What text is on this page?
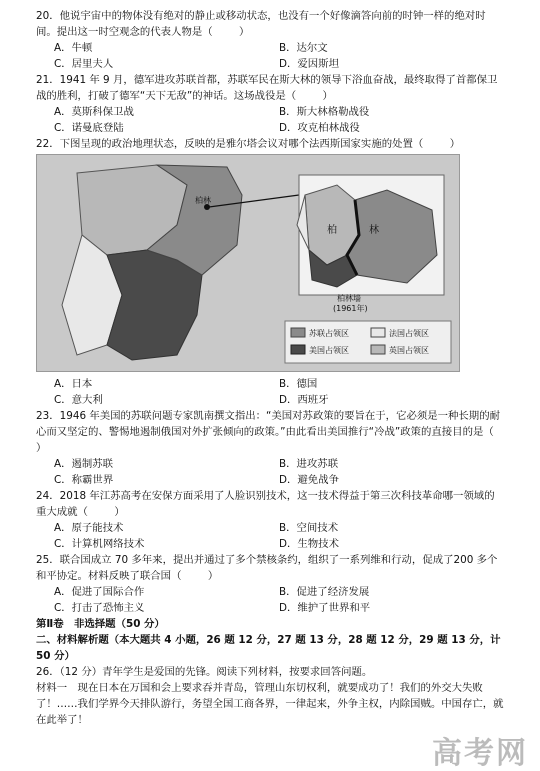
20．他说宇宙中的物体没有绝对的静止或移动状态，也没有一个好像滴答向前的时钟一样的绝对时间。提出这一时空观念的代表人物是（        ）
A．牛顿	B．达尔文
C．居里夫人	D．爱因斯坦
21．1941 年 9 月，德军进攻苏联首都，苏联军民在斯大林的领导下浴血奋战，最终取得了首都保卫战的胜利，打破了德军“天下无敌”的神话。这场战役是（        ）
A．莫斯科保卫战	B．斯大林格勒战役
C．诺曼底登陆	D．攻克柏林战役
22．下图呈现的政治地理状态，反映的是雅尔塔会议对哪个法西斯国家实施的处置（        ）
柏林
柏	林
柏林墙
(1961年)
苏联占领区	法国占领区
美国占领区	英国占领区
A．日本	B．德国
C．意大利	D．西班牙
23．1946 年美国的苏联问题专家凯南撰文指出：“美国对苏政策的要旨在于，它必须是一种长期的耐心而又坚定的、警惕地遏制俄国对外扩张倾向的政策。”由此看出美国推行“冷战”政策的直接目的是（        ）
A．遏制苏联	B．进攻苏联
C．称霸世界	D．避免战争
24．2018 年江苏高考在安保方面采用了人脸识别技术，这一技术得益于第三次科技革命哪一领域的重大成就（        ）
A．原子能技术	B．空间技术
C．计算机网络技术	D．生物技术
25．联合国成立 70 多年来，提出并通过了多个禁核条约，组织了一系列维和行动，促成了200 多个和平协定。材料反映了联合国（        ）
A．促进了国际合作	B．促进了经济发展
C．打击了恐怖主义	D．维护了世界和平
第Ⅱ卷　非选择题（50 分）
二、材料解析题（本大题共 4 小题，26 题 12 分，27 题 13 分，28 题 12 分，29 题 13 分，计 50 分）
26．（12 分）青年学生是爱国的先锋。阅读下列材料，按要求回答问题。
材料一　现在日本在万国和会上要求吞并青岛，管理山东切权利，就要成功了！我们的外交大失败了！……我们学界今天排队游行，务望全国工商各界，一律起来，外争主权，内除国贼。中国存亡，就在此举了！
高考网
